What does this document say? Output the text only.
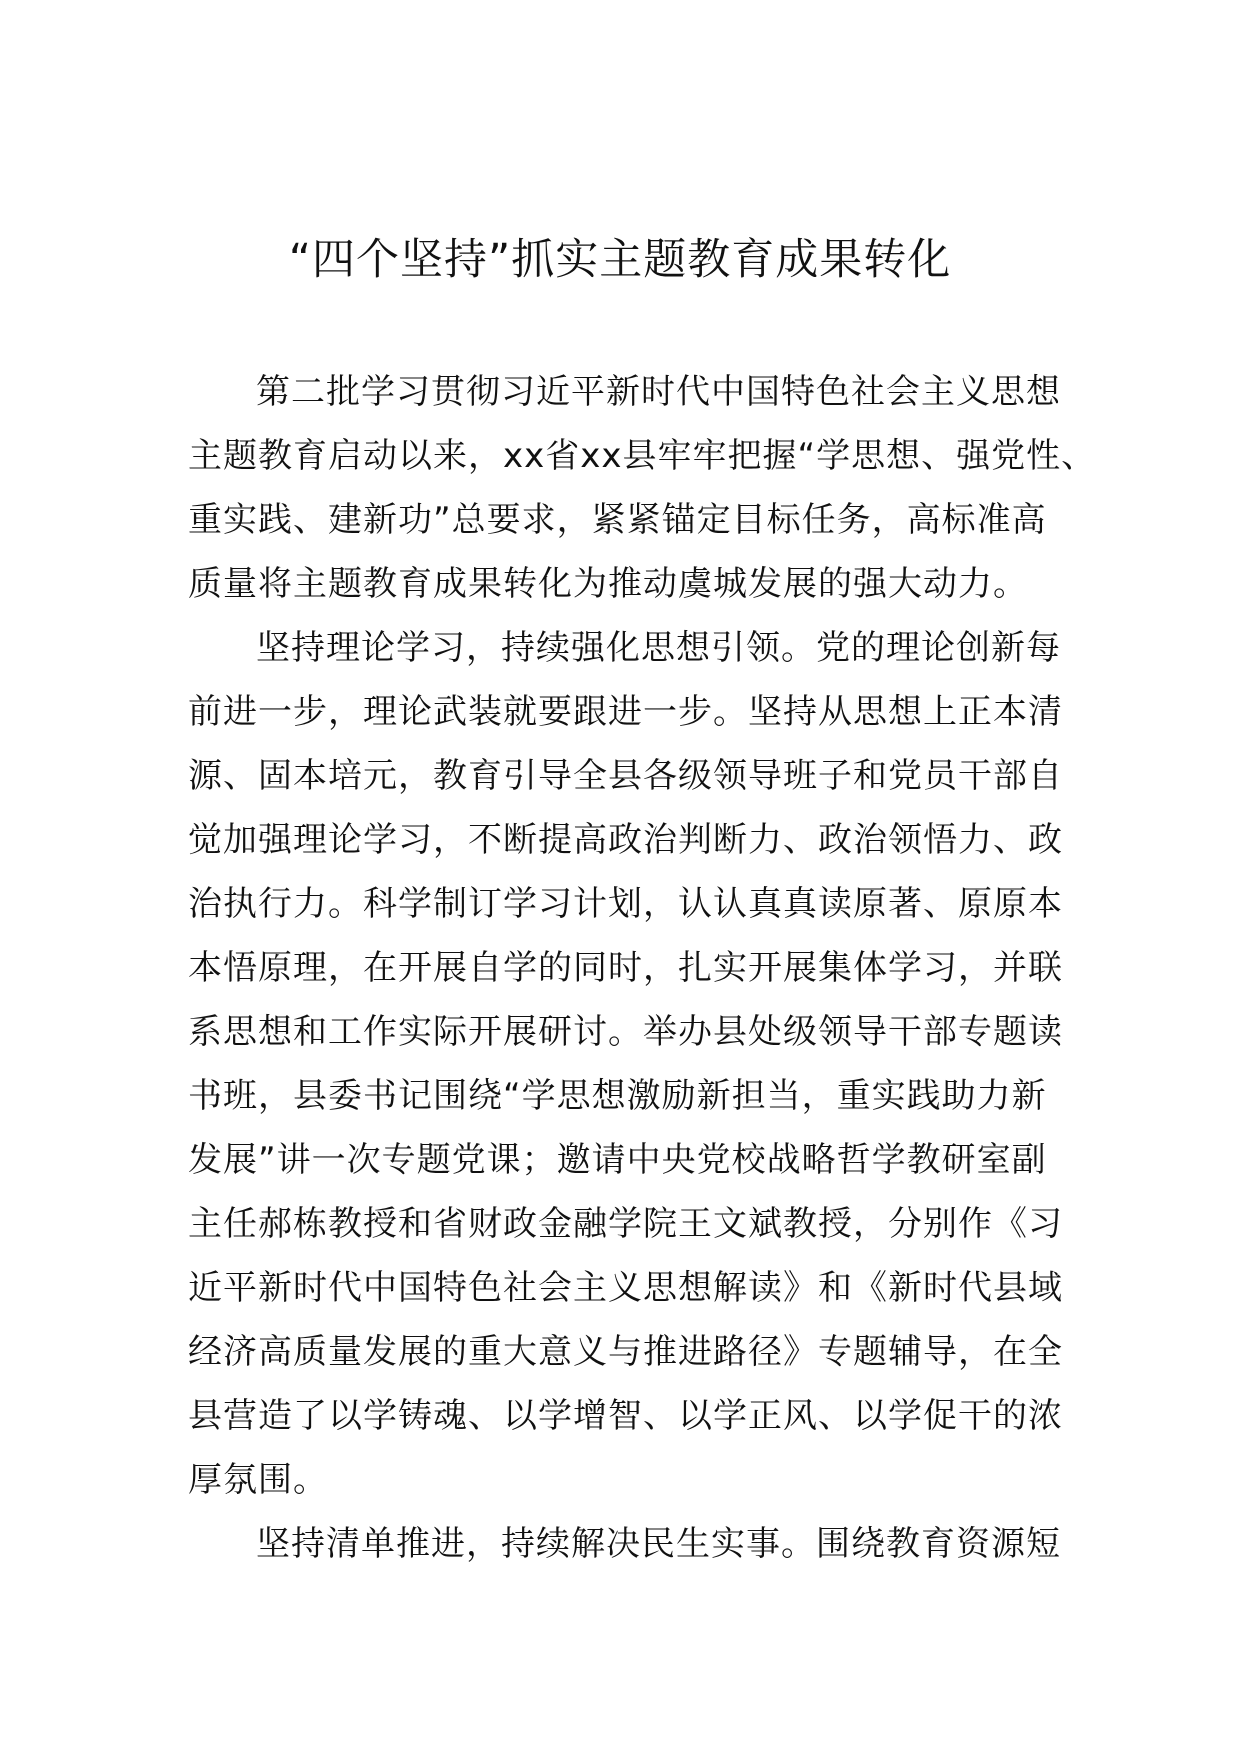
“四个坚持”抓实主题教育成果转化
第二批学习贯彻习近平新时代中国特色社会主义思想
主题教育启动以来，xx省xx县牢牢把握“学思想、强党性、
重实践、建新功”总要求，紧紧锚定目标任务，高标准高
质量将主题教育成果转化为推动虞城发展的强大动力。
坚持理论学习，持续强化思想引领。党的理论创新每
前进一步，理论武装就要跟进一步。坚持从思想上正本清
源、固本培元，教育引导全县各级领导班子和党员干部自
觉加强理论学习，不断提高政治判断力、政治领悟力、政
治执行力。科学制订学习计划，认认真真读原著、原原本
本悟原理，在开展自学的同时，扎实开展集体学习，并联
系思想和工作实际开展研讨。举办县处级领导干部专题读
书班，县委书记围绕“学思想激励新担当，重实践助力新
发展”讲一次专题党课；邀请中央党校战略哲学教研室副
主任郝栋教授和省财政金融学院王文斌教授，分别作《习
近平新时代中国特色社会主义思想解读》和《新时代县域
经济高质量发展的重大意义与推进路径》专题辅导，在全
县营造了以学铸魂、以学增智、以学正风、以学促干的浓
厚氛围。
坚持清单推进，持续解决民生实事。围绕教育资源短
